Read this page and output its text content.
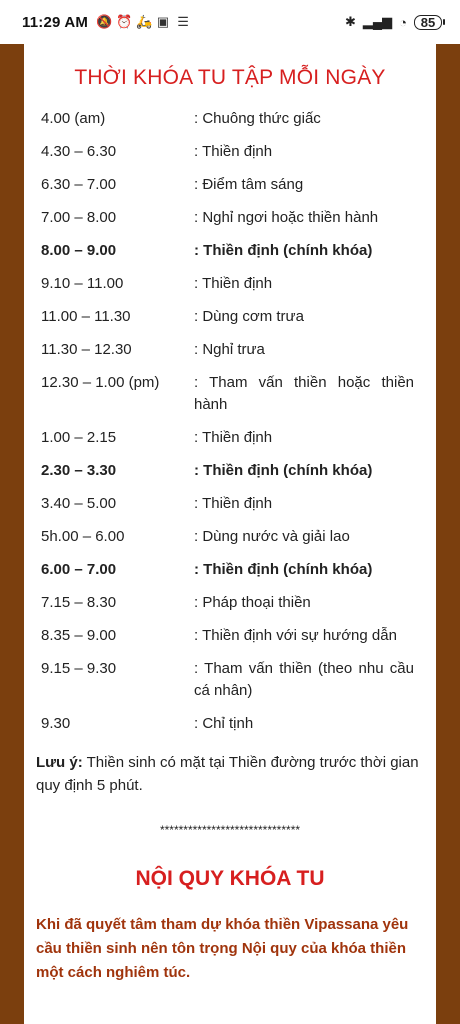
11:29 AM 🔕 ⏰ 🛵 ▣ ☰	✱ ▂▄▆ ◔	85
THỜI KHÓA TU TẬP MỖI NGÀY
4.00 (am)	: Chuông thức giấc
4.30 – 6.30	: Thiền định
6.30 – 7.00	: Điểm tâm sáng
7.00 – 8.00	: Nghỉ ngơi hoặc thiền hành
8.00 – 9.00	: Thiền định (chính khóa)
9.10 – 11.00	: Thiền định
11.00 – 11.30	: Dùng cơm trưa
11.30 – 12.30	: Nghỉ trưa
12.30 – 1.00 (pm)	: Tham vấn thiền hoặc thiền hành
1.00 – 2.15	: Thiền định
2.30 – 3.30	: Thiền định (chính khóa)
3.40 – 5.00	: Thiền định
5h.00 – 6.00	: Dùng nước và giải lao
6.00 – 7.00	: Thiền định (chính khóa)
7.15 – 8.30	: Pháp thoại thiền
8.35 – 9.00	: Thiền định với sự hướng dẫn
9.15 – 9.30	: Tham vấn thiền (theo nhu cầu cá nhân)
9.30	: Chỉ tịnh
Lưu ý: Thiền sinh có mặt tại Thiền đường trước thời gian quy định 5 phút.
******************************
NỘI QUY KHÓA TU
Khi đã quyết tâm tham dự khóa thiền Vipassana yêu cầu thiền sinh nên tôn trọng Nội quy của khóa thiền một cách nghiêm túc.
